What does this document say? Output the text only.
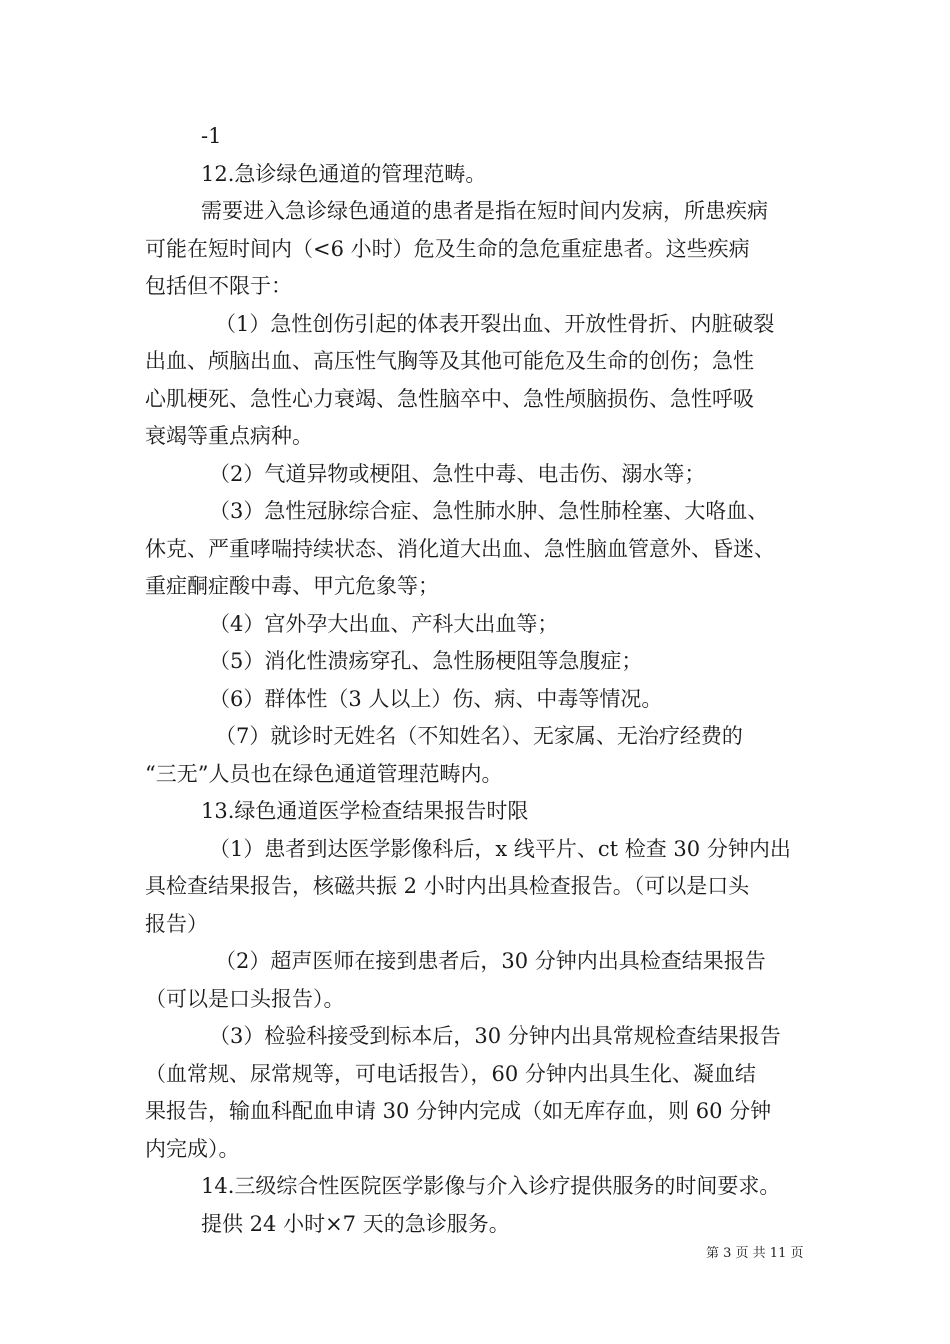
-1
12.急诊绿色通道的管理范畴。
需要进入急诊绿色通道的患者是指在短时间内发病，所患疾病
可能在短时间内（<6 小时）危及生命的急危重症患者。这些疾病
包括但不限于：
（1）急性创伤引起的体表开裂出血、开放性骨折、内脏破裂
出血、颅脑出血、高压性气胸等及其他可能危及生命的创伤；急性
心肌梗死、急性心力衰竭、急性脑卒中、急性颅脑损伤、急性呼吸
衰竭等重点病种。
（2）气道异物或梗阻、急性中毒、电击伤、溺水等；
（3）急性冠脉综合症、急性肺水肿、急性肺栓塞、大咯血、
休克、严重哮喘持续状态、消化道大出血、急性脑血管意外、昏迷、
重症酮症酸中毒、甲亢危象等；
（4）宫外孕大出血、产科大出血等；
（5）消化性溃疡穿孔、急性肠梗阻等急腹症；
（6）群体性（3 人以上）伤、病、中毒等情况。
（7）就诊时无姓名（不知姓名）、无家属、无治疗经费的
“三无”人员也在绿色通道管理范畴内。
13.绿色通道医学检查结果报告时限
（1）患者到达医学影像科后，x 线平片、ct 检查 30 分钟内出
具检查结果报告，核磁共振 2 小时内出具检查报告。（可以是口头
报告）
（2）超声医师在接到患者后，30 分钟内出具检查结果报告
（可以是口头报告）。
（3）检验科接受到标本后，30 分钟内出具常规检查结果报告
（血常规、尿常规等，可电话报告），60 分钟内出具生化、凝血结
果报告，输血科配血申请 30 分钟内完成（如无库存血，则 60 分钟
内完成）。
14.三级综合性医院医学影像与介入诊疗提供服务的时间要求。
提供 24 小时×7 天的急诊服务。
第 3 页 共 11 页
